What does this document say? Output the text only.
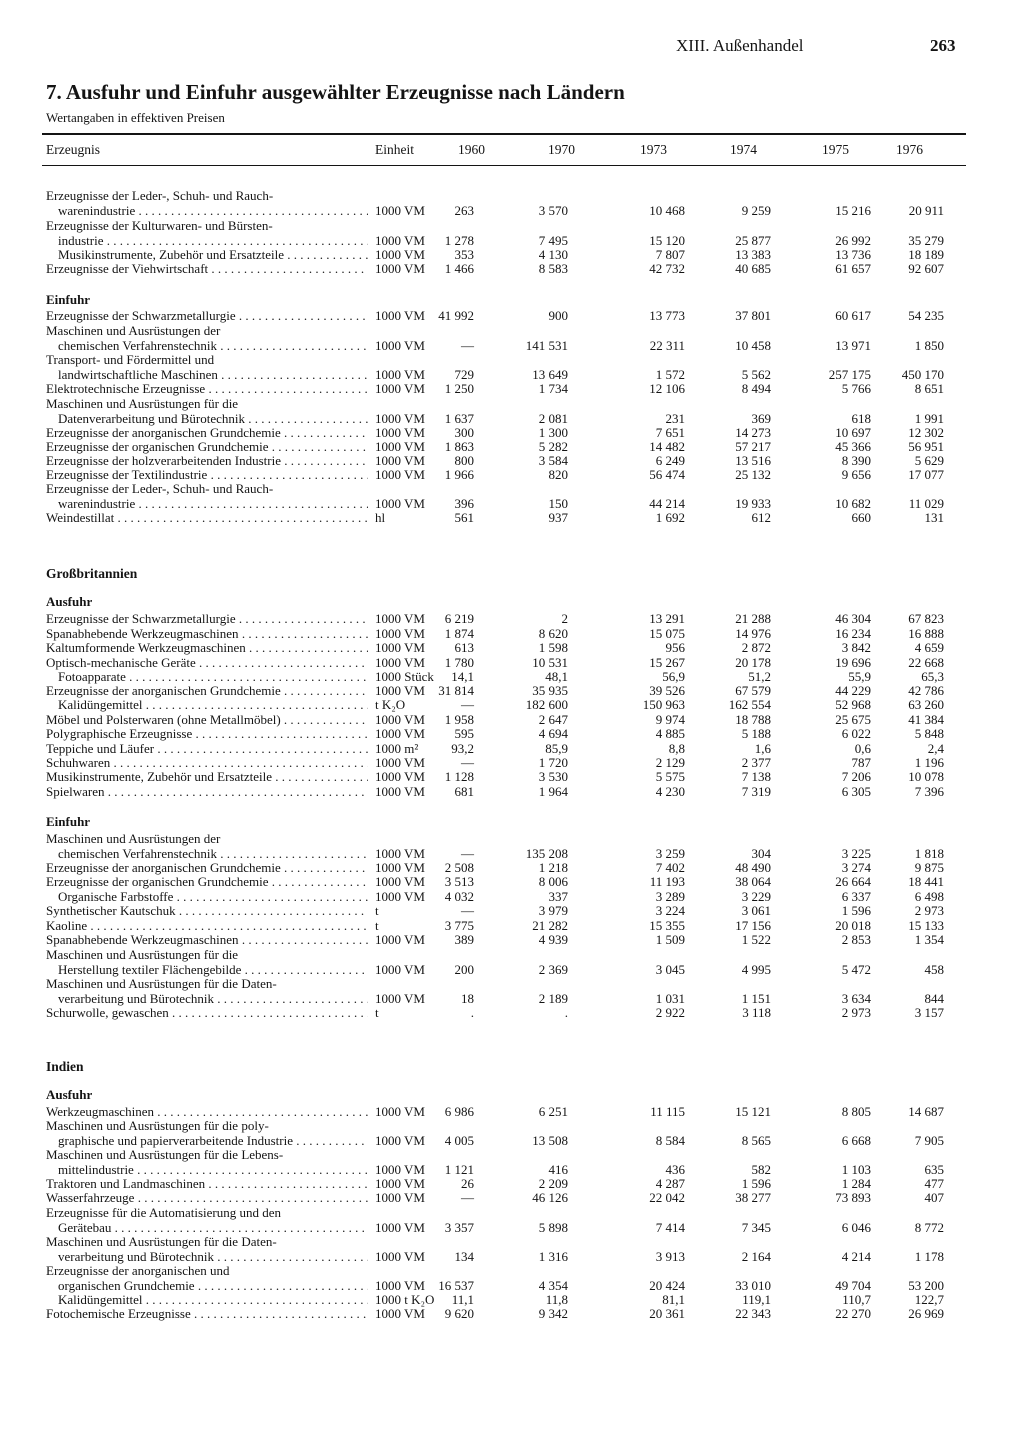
XIII. Außenhandel	263
7. Ausfuhr und Einfuhr ausgewählter Erzeugnisse nach Ländern
Wertangaben in effektiven Preisen
Erzeugnis	Einheit	1960	1970	1973	1974	1975	1976
Erzeugnisse der Leder-, Schuh- und Rauch-
warenindustrie . . .	1000 VM	263	3 570	10 468	9 259	15 216	20 911
Erzeugnisse der Kulturwaren- und Bürsten-
industrie . . .	1000 VM	1 278	7 495	15 120	25 877	26 992	35 279
Musikinstrumente, Zubehör und Ersatzteile . . .	1000 VM	353	4 130	7 807	13 383	13 736	18 189
Erzeugnisse der Viehwirtschaft . . .	1000 VM	1 466	8 583	42 732	40 685	61 657	92 607
Einfuhr
Erzeugnisse der Schwarzmetallurgie . . .	1000 VM	41 992	900	13 773	37 801	60 617	54 235
Maschinen und Ausrüstungen der
chemischen Verfahrenstechnik . . .	1000 VM	—	141 531	22 311	10 458	13 971	1 850
Transport- und Fördermittel und
landwirtschaftliche Maschinen . . .	1000 VM	729	13 649	1 572	5 562	257 175	450 170
Elektrotechnische Erzeugnisse . . .	1000 VM	1 250	1 734	12 106	8 494	5 766	8 651
Maschinen und Ausrüstungen für die
Datenverarbeitung und Bürotechnik . . .	1000 VM	1 637	2 081	231	369	618	1 991
Erzeugnisse der anorganischen Grundchemie . . .	1000 VM	300	1 300	7 651	14 273	10 697	12 302
Erzeugnisse der organischen Grundchemie . . .	1000 VM	1 863	5 282	14 482	57 217	45 366	56 951
Erzeugnisse der holzverarbeitenden Industrie . . .	1000 VM	800	3 584	6 249	13 516	8 390	5 629
Erzeugnisse der Textilindustrie . . .	1000 VM	1 966	820	56 474	25 132	9 656	17 077
Erzeugnisse der Leder-, Schuh- und Rauch-
warenindustrie . . .	1000 VM	396	150	44 214	19 933	10 682	11 029
Weindestillat . . .	hl	561	937	1 692	612	660	131
Großbritannien
Ausfuhr
Erzeugnisse der Schwarzmetallurgie . . .	1000 VM	6 219	2	13 291	21 288	46 304	67 823
Spanabhebende Werkzeugmaschinen . . .	1000 VM	1 874	8 620	15 075	14 976	16 234	16 888
Kaltumformende Werkzeugmaschinen . . .	1000 VM	613	1 598	956	2 872	3 842	4 659
Optisch-mechanische Geräte . . .	1000 VM	1 780	10 531	15 267	20 178	19 696	22 668
Fotoapparate . . .	1000 Stück	14,1	48,1	56,9	51,2	55,9	65,3
Erzeugnisse der anorganischen Grundchemie . . .	1000 VM	31 814	35 935	39 526	67 579	44 229	42 786
Kalidüngemittel . . .	t K₂O	—	182 600	150 963	162 554	52 968	63 260
Möbel und Polsterwaren (ohne Metallmöbel) . . .	1000 VM	1 958	2 647	9 974	18 788	25 675	41 384
Polygraphische Erzeugnisse . . .	1000 VM	595	4 694	4 885	5 188	6 022	5 848
Teppiche und Läufer . . .	1000 m²	93,2	85,9	8,8	1,6	0,6	2,4
Schuhwaren . . .	1000 VM	—	1 720	2 129	2 377	787	1 196
Musikinstrumente, Zubehör und Ersatzteile . . .	1000 VM	1 128	3 530	5 575	7 138	7 206	10 078
Spielwaren . . .	1000 VM	681	1 964	4 230	7 319	6 305	7 396
Einfuhr
Maschinen und Ausrüstungen der
chemischen Verfahrenstechnik . . .	1000 VM	—	135 208	3 259	304	3 225	1 818
Erzeugnisse der anorganischen Grundchemie . . .	1000 VM	2 508	1 218	7 402	48 490	3 274	9 875
Erzeugnisse der organischen Grundchemie . . .	1000 VM	3 513	8 006	11 193	38 064	26 664	18 441
Organische Farbstoffe . . .	1000 VM	4 032	337	3 289	3 229	6 337	6 498
Synthetischer Kautschuk . . .	t	—	3 979	3 224	3 061	1 596	2 973
Kaoline . . .	t	3 775	21 282	15 355	17 156	20 018	15 133
Spanabhebende Werkzeugmaschinen . . .	1000 VM	389	4 939	1 509	1 522	2 853	1 354
Maschinen und Ausrüstungen für die
Herstellung textiler Flächengebilde . . .	1000 VM	200	2 369	3 045	4 995	5 472	458
Maschinen und Ausrüstungen für die Daten-
verarbeitung und Bürotechnik . . .	1000 VM	18	2 189	1 031	1 151	3 634	844
Schurwolle, gewaschen . . .	t	.	.	2 922	3 118	2 973	3 157
Indien
Ausfuhr
Werkzeugmaschinen . . .	1000 VM	6 986	6 251	11 115	15 121	8 805	14 687
Maschinen und Ausrüstungen für die poly-
graphische und papierverarbeitende Industrie . . .	1000 VM	4 005	13 508	8 584	8 565	6 668	7 905
Maschinen und Ausrüstungen für die Lebens-
mittelindustrie . . .	1000 VM	1 121	416	436	582	1 103	635
Traktoren und Landmaschinen . . .	1000 VM	26	2 209	4 287	1 596	1 284	477
Wasserfahrzeuge . . .	1000 VM	—	46 126	22 042	38 277	73 893	407
Erzeugnisse für die Automatisierung und den
Gerätebau . . .	1000 VM	3 357	5 898	7 414	7 345	6 046	8 772
Maschinen und Ausrüstungen für die Daten-
verarbeitung und Bürotechnik . . .	1000 VM	134	1 316	3 913	2 164	4 214	1 178
Erzeugnisse der anorganischen und
organischen Grundchemie . . .	1000 VM	16 537	4 354	20 424	33 010	49 704	53 200
Kalidüngemittel . . .	1000 t K₂O	11,1	11,8	81,1	119,1	110,7	122,7
Fotochemische Erzeugnisse . . .	1000 VM	9 620	9 342	20 361	22 343	22 270	26 969
